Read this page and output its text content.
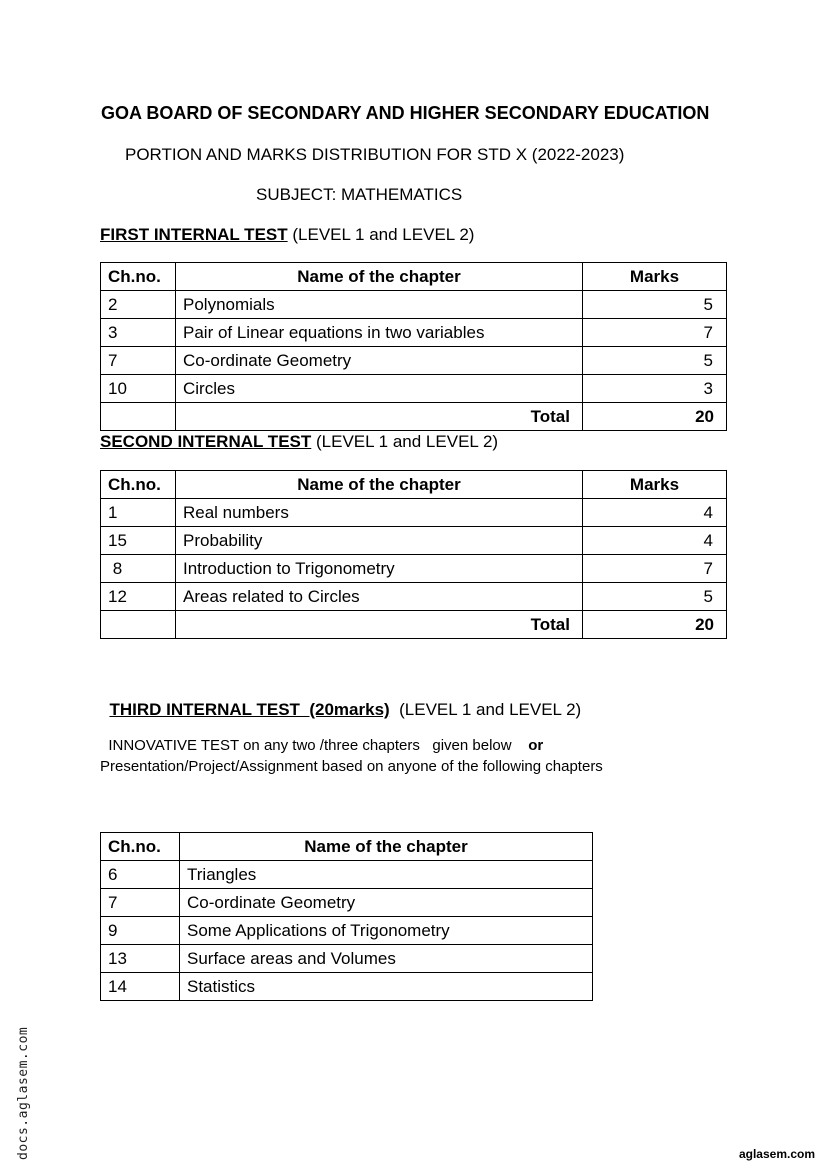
GOA BOARD OF SECONDARY AND HIGHER SECONDARY EDUCATION
PORTION AND MARKS DISTRIBUTION FOR STD X (2022-2023)
SUBJECT: MATHEMATICS
FIRST INTERNAL TEST (LEVEL 1 and LEVEL 2)
Ch.no.	Name of the chapter	Marks
2	Polynomials	5
3	Pair of Linear equations in two variables	7
7	Co-ordinate Geometry	5
10	Circles	3
	Total	20
SECOND INTERNAL TEST (LEVEL 1 and LEVEL 2)
Ch.no.	Name of the chapter	Marks
1	Real numbers	4
15	Probability	4
8	Introduction to Trigonometry	7
12	Areas related to Circles	5
	Total	20

THIRD INTERNAL TEST  (20marks)  (LEVEL 1 and LEVEL 2)

INNOVATIVE TEST on any two /three chapters   given below or

Presentation/Project/Assignment based on anyone of the following chapters
Ch.no.	Name of the chapter
6	Triangles
7	Co-ordinate Geometry
9	Some Applications of Trigonometry
13	Surface areas and Volumes
14	Statistics
docs.aglasem.com	aglasem.com
